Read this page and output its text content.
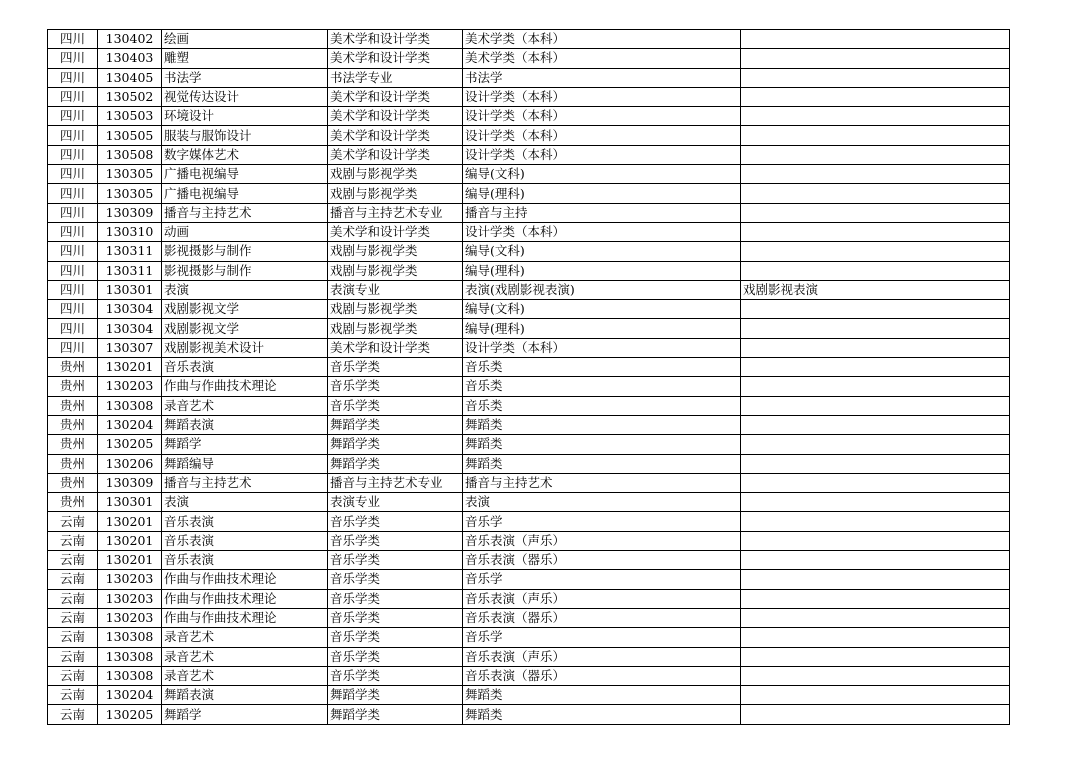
四川	130402	绘画	美术学和设计学类	美术学类（本科）	
四川	130403	雕塑	美术学和设计学类	美术学类（本科）	
四川	130405	书法学	书法学专业	书法学	
四川	130502	视觉传达设计	美术学和设计学类	设计学类（本科）	
四川	130503	环境设计	美术学和设计学类	设计学类（本科）	
四川	130505	服装与服饰设计	美术学和设计学类	设计学类（本科）	
四川	130508	数字媒体艺术	美术学和设计学类	设计学类（本科）	
四川	130305	广播电视编导	戏剧与影视学类	编导(文科)	
四川	130305	广播电视编导	戏剧与影视学类	编导(理科)	
四川	130309	播音与主持艺术	播音与主持艺术专业	播音与主持	
四川	130310	动画	美术学和设计学类	设计学类（本科）	
四川	130311	影视摄影与制作	戏剧与影视学类	编导(文科)	
四川	130311	影视摄影与制作	戏剧与影视学类	编导(理科)	
四川	130301	表演	表演专业	表演(戏剧影视表演)	戏剧影视表演
四川	130304	戏剧影视文学	戏剧与影视学类	编导(文科)	
四川	130304	戏剧影视文学	戏剧与影视学类	编导(理科)	
四川	130307	戏剧影视美术设计	美术学和设计学类	设计学类（本科）	
贵州	130201	音乐表演	音乐学类	音乐类	
贵州	130203	作曲与作曲技术理论	音乐学类	音乐类	
贵州	130308	录音艺术	音乐学类	音乐类	
贵州	130204	舞蹈表演	舞蹈学类	舞蹈类	
贵州	130205	舞蹈学	舞蹈学类	舞蹈类	
贵州	130206	舞蹈编导	舞蹈学类	舞蹈类	
贵州	130309	播音与主持艺术	播音与主持艺术专业	播音与主持艺术	
贵州	130301	表演	表演专业	表演	
云南	130201	音乐表演	音乐学类	音乐学	
云南	130201	音乐表演	音乐学类	音乐表演（声乐）	
云南	130201	音乐表演	音乐学类	音乐表演（器乐）	
云南	130203	作曲与作曲技术理论	音乐学类	音乐学	
云南	130203	作曲与作曲技术理论	音乐学类	音乐表演（声乐）	
云南	130203	作曲与作曲技术理论	音乐学类	音乐表演（器乐）	
云南	130308	录音艺术	音乐学类	音乐学	
云南	130308	录音艺术	音乐学类	音乐表演（声乐）	
云南	130308	录音艺术	音乐学类	音乐表演（器乐）	
云南	130204	舞蹈表演	舞蹈学类	舞蹈类	
云南	130205	舞蹈学	舞蹈学类	舞蹈类	
